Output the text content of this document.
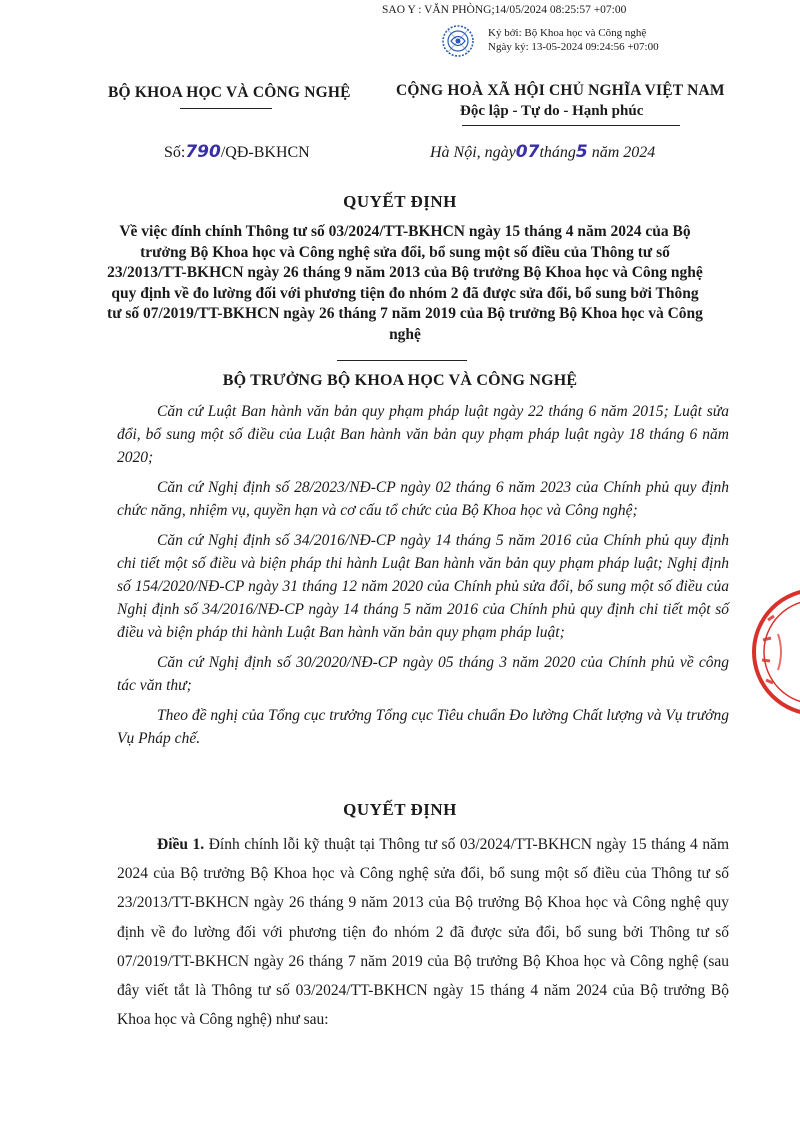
SAO Y : VĂN PHÒNG;14/05/2024 08:25:57 +07:00
Ký bởi: Bộ Khoa học và Công nghệ
Ngày ký: 13-05-2024 09:24:56 +07:00
BỘ KHOA HỌC VÀ CÔNG NGHỆ	CỘNG HOÀ XÃ HỘI CHỦ NGHĨA VIỆT NAM
Độc lập - Tự do - Hạnh phúc
Số:790/QĐ-BKHCN	Hà Nội, ngày07tháng5 năm 2024
QUYẾT ĐỊNH
Về việc đính chính Thông tư số 03/2024/TT-BKHCN ngày 15 tháng 4 năm 2024 của Bộ trưởng Bộ Khoa học và Công nghệ sửa đổi, bổ sung một số điều của Thông tư số 23/2013/TT-BKHCN ngày 26 tháng 9 năm 2013 của Bộ trưởng Bộ Khoa học và Công nghệ quy định về đo lường đối với phương tiện đo nhóm 2 đã được sửa đổi, bổ sung bởi Thông tư số 07/2019/TT-BKHCN ngày 26 tháng 7 năm 2019 của Bộ trưởng Bộ Khoa học và Công nghệ
BỘ TRƯỞNG BỘ KHOA HỌC VÀ CÔNG NGHỆ

Căn cứ Luật Ban hành văn bản quy phạm pháp luật ngày 22 tháng 6 năm 2015; Luật sửa đổi, bổ sung một số điều của Luật Ban hành văn bản quy phạm pháp luật ngày 18 tháng 6 năm 2020;

Căn cứ Nghị định số 28/2023/NĐ-CP ngày 02 tháng 6 năm 2023 của Chính phủ quy định chức năng, nhiệm vụ, quyền hạn và cơ cấu tổ chức của Bộ Khoa học và Công nghệ;

Căn cứ Nghị định số 34/2016/NĐ-CP ngày 14 tháng 5 năm 2016 của Chính phủ quy định chi tiết một số điều và biện pháp thi hành Luật Ban hành văn bản quy phạm pháp luật; Nghị định số 154/2020/NĐ-CP ngày 31 tháng 12 năm 2020 của Chính phủ sửa đổi, bổ sung một số điều của Nghị định số 34/2016/NĐ-CP ngày 14 tháng 5 năm 2016 của Chính phủ quy định chi tiết một số điều và biện pháp thi hành Luật Ban hành văn bản quy phạm pháp luật;

Căn cứ Nghị định số 30/2020/NĐ-CP ngày 05 tháng 3 năm 2020 của Chính phủ về công tác văn thư;

Theo đề nghị của Tổng cục trưởng Tổng cục Tiêu chuẩn Đo lường Chất lượng và Vụ trưởng Vụ Pháp chế.

QUYẾT ĐỊNH

Điều 1. Đính chính lỗi kỹ thuật tại Thông tư số 03/2024/TT-BKHCN ngày 15 tháng 4 năm 2024 của Bộ trưởng Bộ Khoa học và Công nghệ sửa đổi, bổ sung một số điều của Thông tư số 23/2013/TT-BKHCN ngày 26 tháng 9 năm 2013 của Bộ trưởng Bộ Khoa học và Công nghệ quy định về đo lường đối với phương tiện đo nhóm 2 đã được sửa đổi, bổ sung bởi Thông tư số 07/2019/TT-BKHCN ngày 26 tháng 7 năm 2019 của Bộ trưởng Bộ Khoa học và Công nghệ (sau đây viết tắt là Thông tư số 03/2024/TT-BKHCN ngày 15 tháng 4 năm 2024 của Bộ trưởng Bộ Khoa học và Công nghệ) như sau:
